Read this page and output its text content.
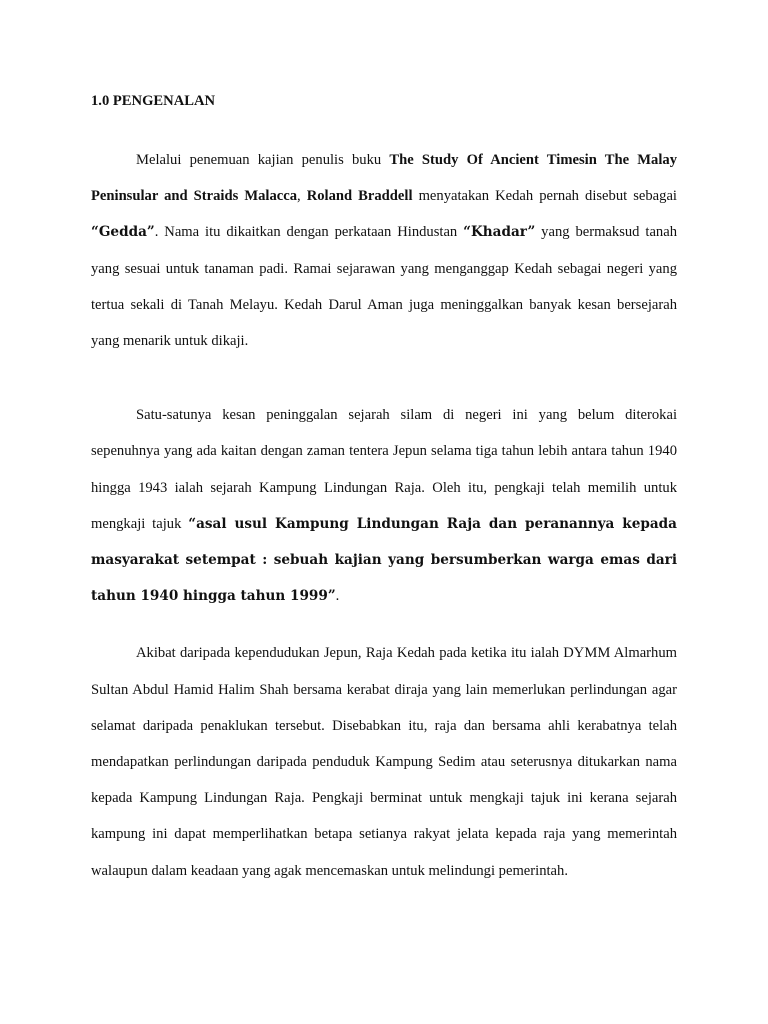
1.0 PENGENALAN

Melalui penemuan kajian penulis buku The Study Of Ancient Timesin The Malay Peninsular and Straids Malacca, Roland Braddell menyatakan Kedah pernah disebut sebagai “Gedda”. Nama itu dikaitkan dengan perkataan Hindustan “Khadar” yang bermaksud tanah yang sesuai untuk tanaman padi. Ramai sejarawan yang menganggap Kedah sebagai negeri yang tertua sekali di Tanah Melayu. Kedah Darul Aman juga meninggalkan banyak kesan bersejarah yang menarik untuk dikaji.

Satu-satunya kesan peninggalan sejarah silam di negeri ini yang belum diterokai sepenuhnya yang ada kaitan dengan zaman tentera Jepun selama tiga tahun lebih antara tahun 1940 hingga 1943 ialah sejarah Kampung Lindungan Raja. Oleh itu, pengkaji telah memilih untuk mengkaji tajuk “asal usul Kampung Lindungan Raja dan peranannya kepada masyarakat setempat : sebuah kajian yang bersumberkan warga emas dari tahun 1940 hingga tahun 1999”.

Akibat daripada kependudukan Jepun, Raja Kedah pada ketika itu ialah DYMM Almarhum Sultan Abdul Hamid Halim Shah bersama kerabat diraja yang lain memerlukan perlindungan agar selamat daripada penaklukan tersebut. Disebabkan itu, raja dan bersama ahli kerabatnya telah mendapatkan perlindungan daripada penduduk Kampung Sedim atau seterusnya ditukarkan nama kepada Kampung Lindungan Raja. Pengkaji berminat untuk mengkaji tajuk ini kerana sejarah kampung ini dapat memperlihatkan betapa setianya rakyat jelata kepada raja yang memerintah walaupun dalam keadaan yang agak mencemaskan untuk melindungi pemerintah.
